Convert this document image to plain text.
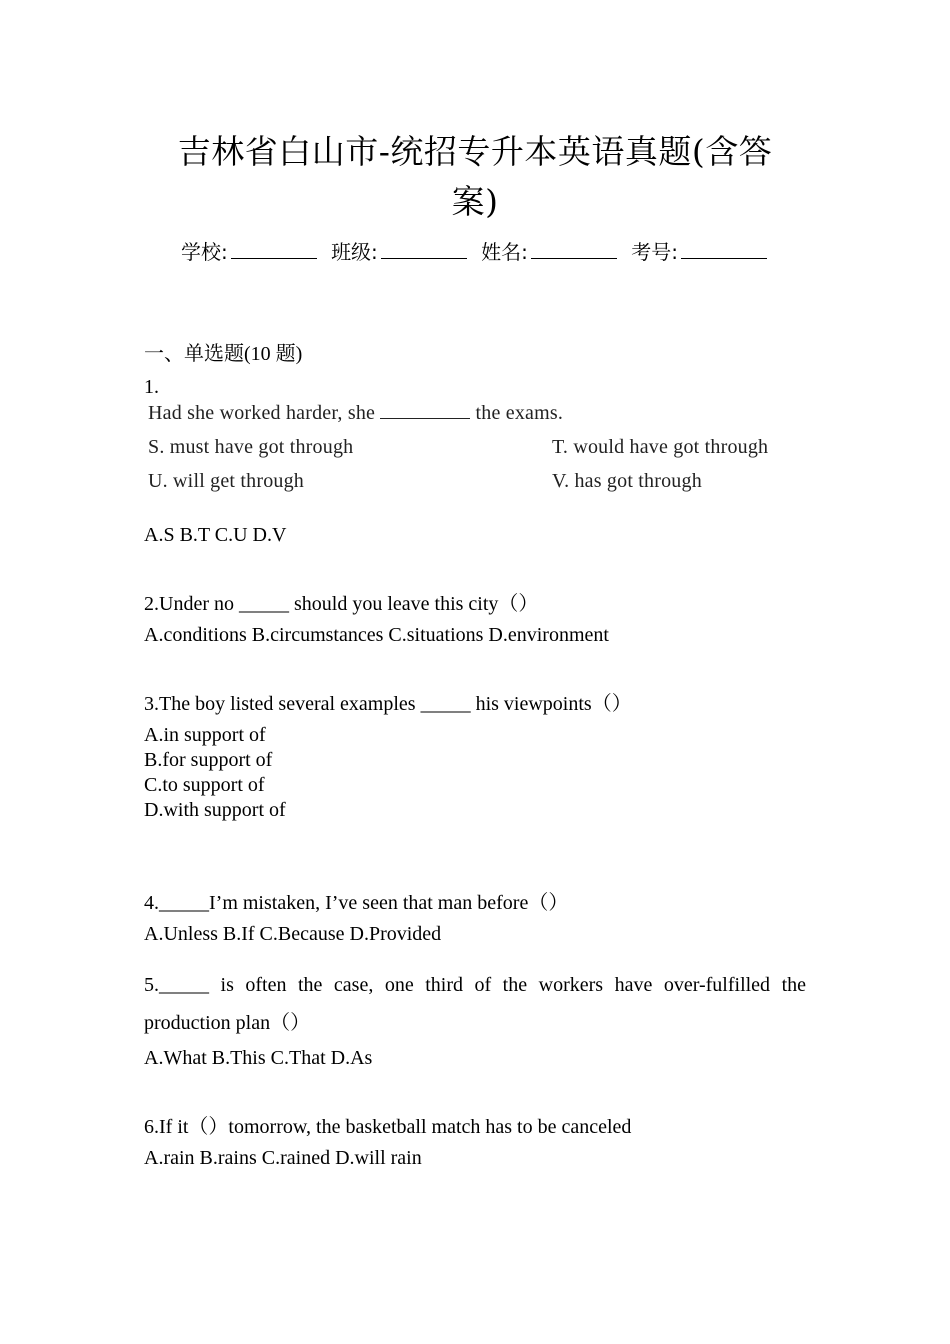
吉林省白山市-统招专升本英语真题(含答
案)
学校:	班级:	姓名:	考号:
一、单选题(10 题)
1.
Had she worked harder, she	the exams.
S. must have got through	T. would have got through
U. will get through	V. has got through
A.S B.T C.U D.V
2.Under no _____ should you leave this city（）
A.conditions B.circumstances C.situations D.environment
3.The boy listed several examples _____ his viewpoints（）
A.in support of
B.for support of
C.to support of
D.with support of
4._____I’m mistaken, I’ve seen that man before（）
A.Unless B.If C.Because D.Provided
5._____ is often the case, one third of the workers have over-fulfilled the
production plan（）
A.What B.This C.That D.As
6.If it（）tomorrow, the basketball match has to be canceled
A.rain B.rains C.rained D.will rain
